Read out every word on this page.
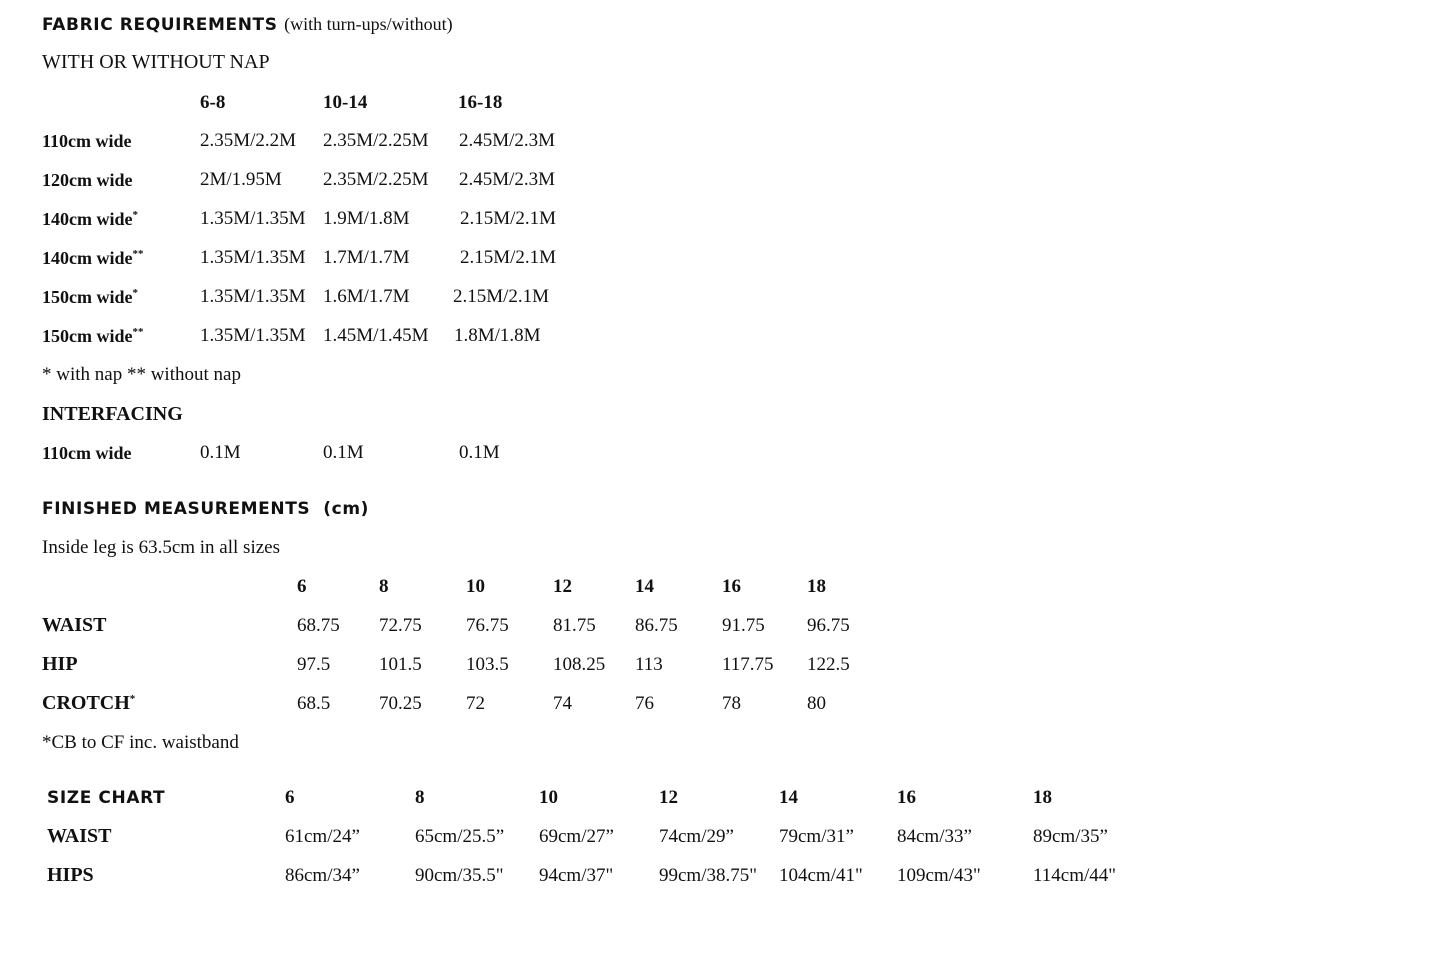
FABRIC REQUIREMENTS (with turn-ups/without)
WITH OR WITHOUT NAP
6-8	10-14	16-18
110cm wide	2.35M/2.2M 2.35M/2.25M 2.45M/2.3M
120cm wide	2M/1.95M 2.35M/2.25M 2.45M/2.3M
140cm wide*	1.35M/1.35M 1.9M/1.8M	2.15M/2.1M
140cm wide**	1.35M/1.35M 1.7M/1.7M	2.15M/2.1M
150cm wide*	1.35M/1.35M 1.6M/1.7M 2.15M/2.1M
150cm wide**	1.35M/1.35M 1.45M/1.45M 1.8M/1.8M
* with nap ** without nap
INTERFACING
110cm wide	0.1M	0.1M	0.1M
FINISHED MEASUREMENTS (cm)
Inside leg is 63.5cm in all sizes
6	8	10	12	14	16	18
WAIST	68.75 72.75 76.75 81.75 86.75 91.75 96.75
HIP	97.5	101.5 103.5 108.25 113	117.75 122.5
CROTCH*	68.5	70.25 72	74	76	78	80
*CB to CF inc. waistband
SIZE CHART	6	8	10	12	14	16	18
WAIST	61cm/24”	65cm/25.5” 69cm/27” 74cm/29” 79cm/31” 84cm/33”	89cm/35”
HIPS	86cm/34”	90cm/35.5" 94cm/37" 99cm/38.75" 104cm/41" 109cm/43"	114cm/44"
